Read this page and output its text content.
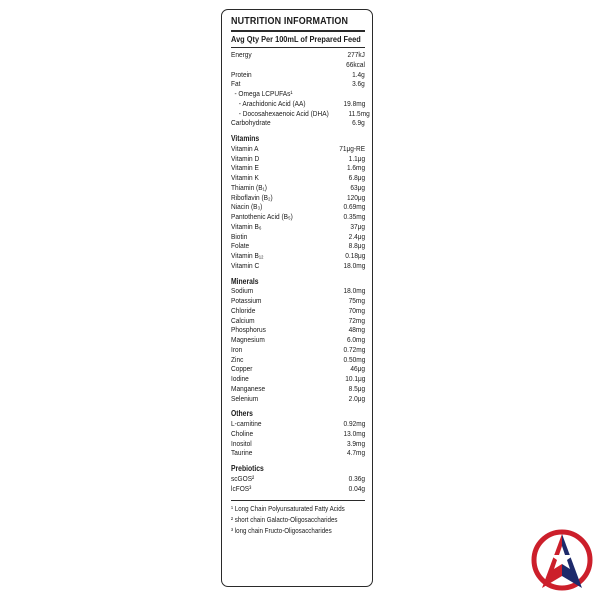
NUTRITION INFORMATION
Avg Qty Per 100mL of Prepared Feed
Energy	277kJ
66kcal
Protein	1.4g
Fat	3.6g
- Omega LCPUFAs¹
- Arachidonic Acid (AA)	19.8mg
- Docosahexaenoic Acid (DHA)	11.5mg
Carbohydrate	6.9g
Vitamins
Vitamin A	71μg-RE
Vitamin D	1.1μg
Vitamin E	1.6mg
Vitamin K	6.8μg
Thiamin (B₁)	63μg
Riboflavin (B₂)	120μg
Niacin (B₃)	0.69mg
Pantothenic Acid (B₅)	0.35mg
Vitamin B₆	37μg
Biotin	2.4μg
Folate	8.8μg
Vitamin B₁₂	0.18μg
Vitamin C	18.0mg
Minerals
Sodium	18.0mg
Potassium	75mg
Chloride	70mg
Calcium	72mg
Phosphorus	48mg
Magnesium	6.0mg
Iron	0.72mg
Zinc	0.50mg
Copper	46μg
Iodine	10.1μg
Manganese	8.5μg
Selenium	2.0μg
Others
L-carnitine	0.92mg
Choline	13.0mg
Inositol	3.9mg
Taurine	4.7mg
Prebiotics
scGOS²	0.36g
lcFOS³	0.04g
¹ Long Chain Polyunsaturated Fatty Acids
² short chain Galacto-Oligosaccharides
³ long chain Fructo-Oligosaccharides
